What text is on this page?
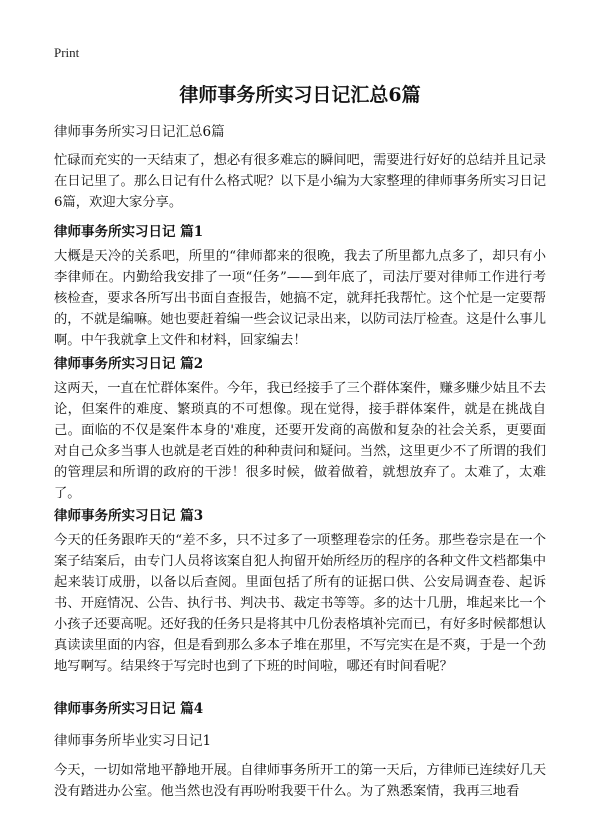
Print
律师事务所实习日记汇总6篇

律师事务所实习日记汇总6篇

忙碌而充实的一天结束了，想必有很多难忘的瞬间吧，需要进行好好的总结并且记录在日记里了。那么日记有什么格式呢？以下是小编为大家整理的律师事务所实习日记6篇，欢迎大家分享。

律师事务所实习日记 篇1

大概是天冷的关系吧，所里的“律师都来的很晚，我去了所里都九点多了，却只有小李律师在。内勤给我安排了一项“任务”——到年底了，司法厅要对律师工作进行考核检查，要求各所写出书面自查报告，她搞不定，就拜托我帮忙。这个忙是一定要帮的，不就是编嘛。她也要赶着编一些会议记录出来，以防司法厅检查。这是什么事儿啊。中午我就拿上文件和材料，回家编去！

律师事务所实习日记 篇2

这两天，一直在忙群体案件。今年，我已经接手了三个群体案件，赚多赚少姑且不去论，但案件的难度、繁琐真的不可想像。现在觉得，接手群体案件，就是在挑战自己。面临的不仅是案件本身的'难度，还要开发商的高傲和复杂的社会关系，更要面对自己众多当事人也就是老百姓的种种责问和疑问。当然，这里更少不了所谓的我们的管理层和所谓的政府的干涉！很多时候，做着做着，就想放弃了。太难了，太难了。

律师事务所实习日记 篇3

今天的任务跟昨天的“差不多，只不过多了一项整理卷宗的任务。那些卷宗是在一个案子结案后，由专门人员将该案自犯人拘留开始所经历的程序的各种文件文档都集中起来装订成册，以备以后查阅。里面包括了所有的证据口供、公安局调查卷、起诉书、开庭情况、公告、执行书、判决书、裁定书等等。多的达十几册，堆起来比一个小孩子还要高呢。还好我的任务只是将其中几份表格填补完而已，有好多时候都想认真读读里面的内容，但是看到那么多本子堆在那里，不写完实在是不爽，于是一个劲地写啊写。结果终于写完时也到了下班的时间啦，哪还有时间看呢？

律师事务所实习日记 篇4

律师事务所毕业实习日记1

今天，一切如常地平静地开展。自律师事务所开工的第一天后，方律师已连续好几天没有踏进办公室。他当然也没有再吩咐我要干什么。为了熟悉案情，我再三地看
